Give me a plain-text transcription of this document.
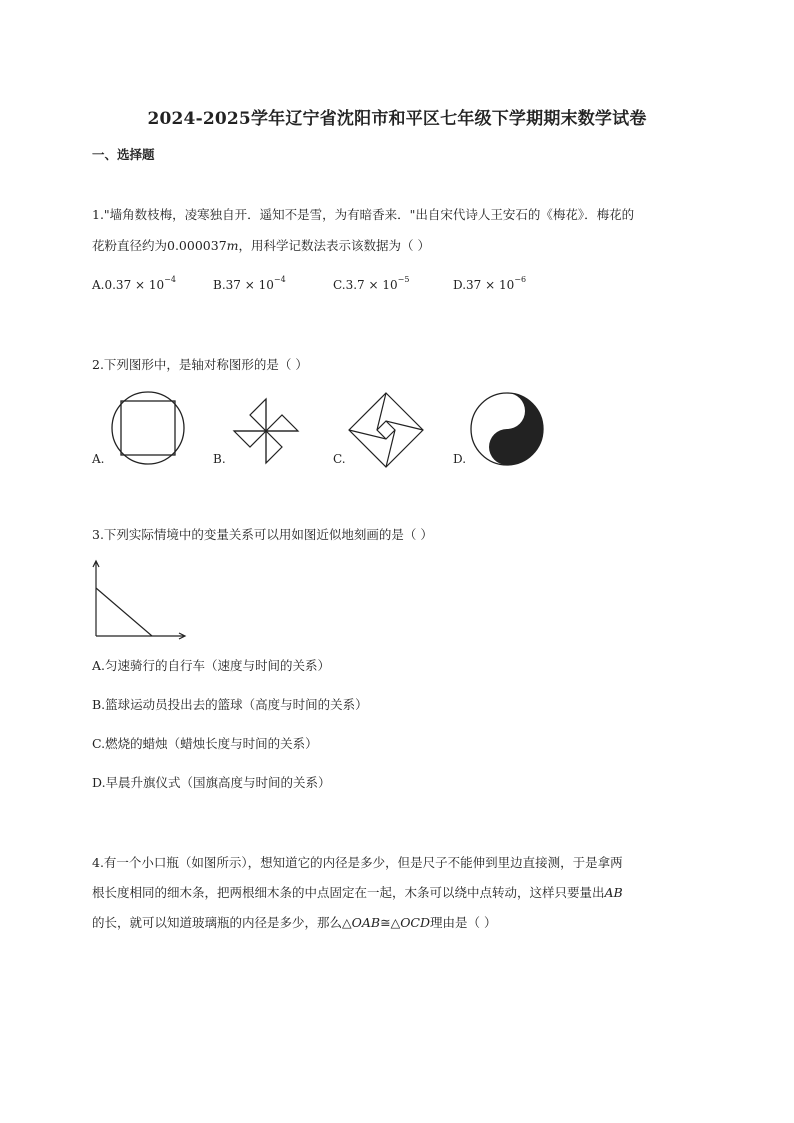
2024-2025学年辽宁省沈阳市和平区七年级下学期期末数学试卷
一、选择题
1."墙角数枝梅，凌寒独自开．遥知不是雪，为有暗香来．"出自宋代诗人王安石的《梅花》．梅花的
花粉直径约为0.000037m，用科学记数法表示该数据为（ ）
$A.0.37 \times 10^{-4}$	$B.37 \times 10^{-4}$	$C.3.7 \times 10^{-5}$	$D.37 \times 10^{-6}$
2.下列图形中，是轴对称图形的是（ ）
A.	B.	C.	D.
3.下列实际情境中的变量关系可以用如图近似地刻画的是（ ）
A.匀速骑行的自行车（速度与时间的关系）
B.篮球运动员投出去的篮球（高度与时间的关系）
C.燃烧的蜡烛（蜡烛长度与时间的关系）
D.早晨升旗仪式（国旗高度与时间的关系）
4.有一个小口瓶（如图所示），想知道它的内径是多少，但是尺子不能伸到里边直接测，于是拿两
根长度相同的细木条，把两根细木条的中点固定在一起，木条可以绕中点转动，这样只要量出AB
的长，就可以知道玻璃瓶的内径是多少，那么△OAB≅△OCD理由是（ ）
